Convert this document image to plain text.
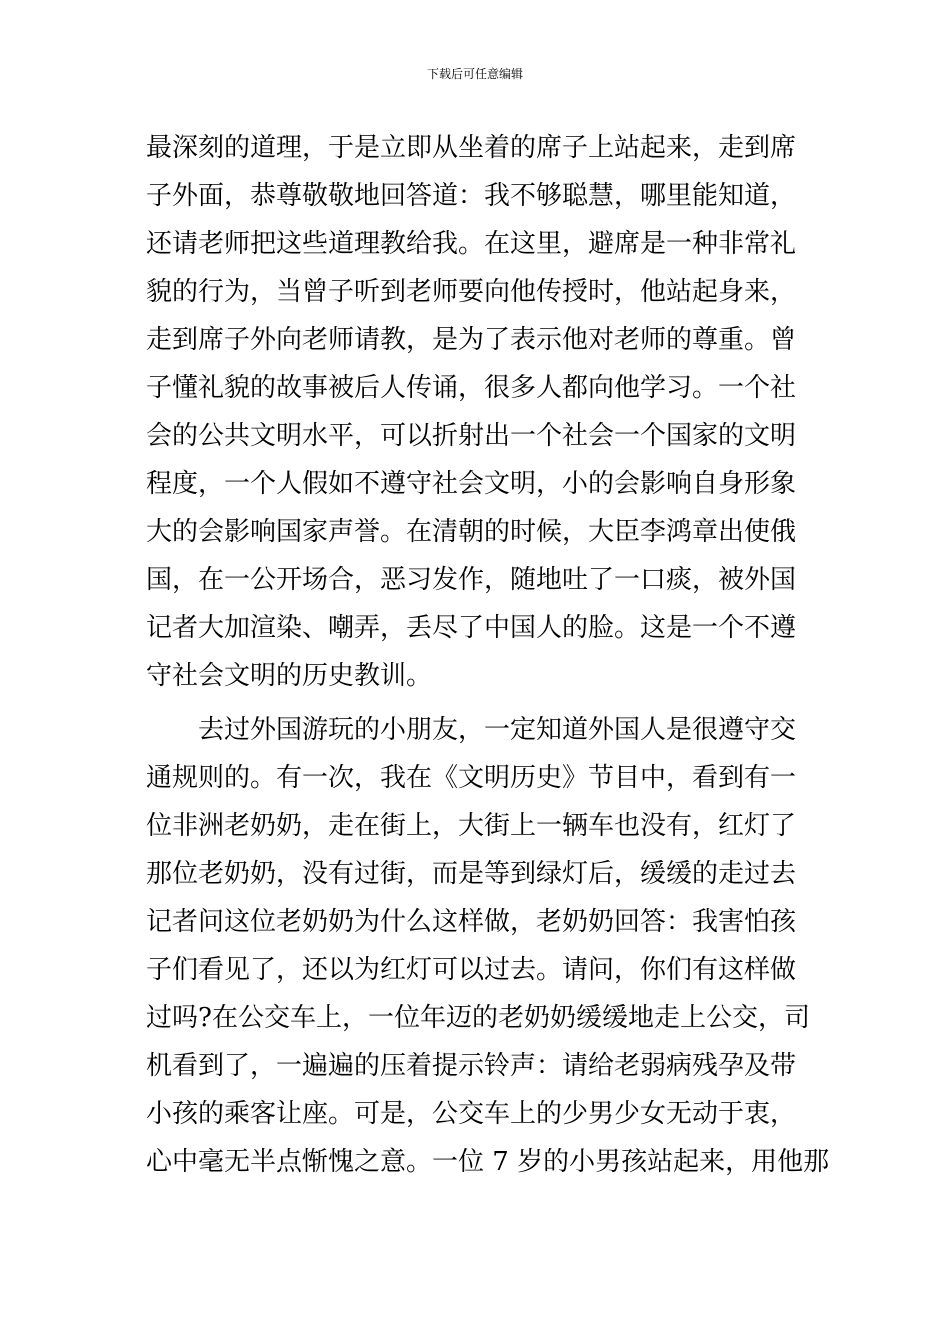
下载后可任意编辑
最深刻的道理，于是立即从坐着的席子上站起来，走到席
子外面，恭尊敬敬地回答道：我不够聪慧，哪里能知道，
还请老师把这些道理教给我。在这里，避席是一种非常礼
貌的行为，当曾子听到老师要向他传授时，他站起身来，
走到席子外向老师请教，是为了表示他对老师的尊重。曾
子懂礼貌的故事被后人传诵，很多人都向他学习。一个社
会的公共文明水平，可以折射出一个社会一个国家的文明
程度，一个人假如不遵守社会文明，小的会影响自身形象
大的会影响国家声誉。在清朝的时候，大臣李鸿章出使俄
国，在一公开场合，恶习发作，随地吐了一口痰，被外国
记者大加渲染、嘲弄，丢尽了中国人的脸。这是一个不遵
守社会文明的历史教训。
去过外国游玩的小朋友，一定知道外国人是很遵守交
通规则的。有一次，我在《文明历史》节目中，看到有一
位非洲老奶奶，走在街上，大街上一辆车也没有，红灯了
那位老奶奶，没有过街，而是等到绿灯后，缓缓的走过去
记者问这位老奶奶为什么这样做，老奶奶回答：我害怕孩
子们看见了，还以为红灯可以过去。请问，你们有这样做
过吗?在公交车上，一位年迈的老奶奶缓缓地走上公交，司
机看到了，一遍遍的压着提示铃声：请给老弱病残孕及带
小孩的乘客让座。可是，公交车上的少男少女无动于衷，
心中毫无半点惭愧之意。一位 7 岁的小男孩站起来，用他那
